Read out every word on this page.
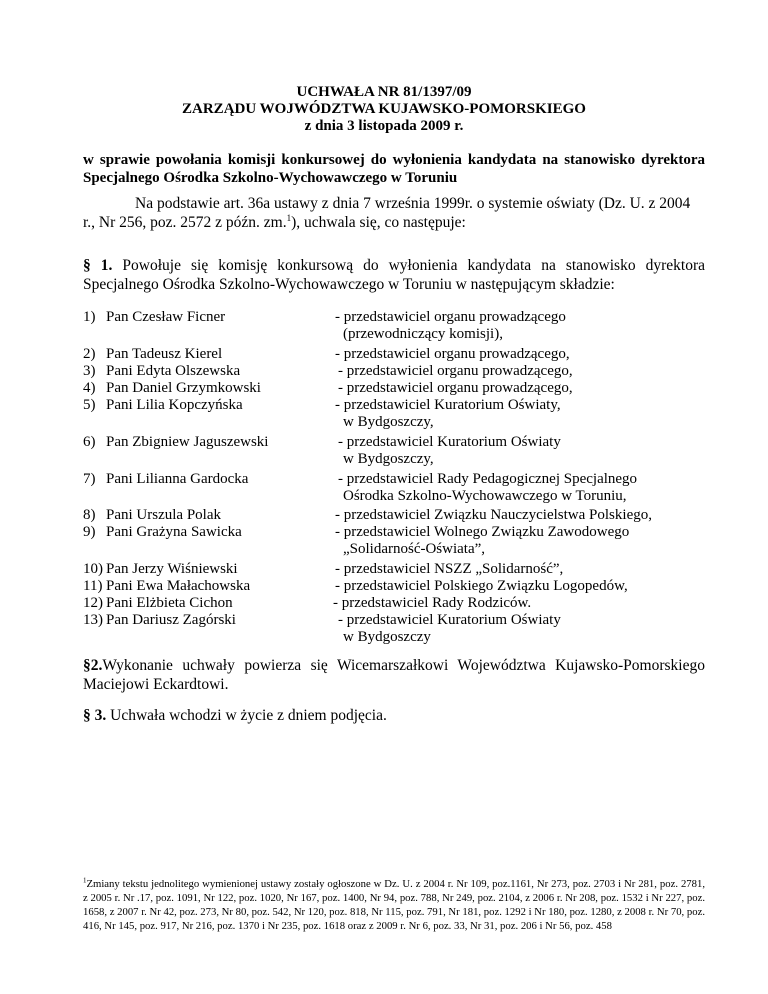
UCHWAŁA NR 81/1397/09
ZARZĄDU WOJWÓDZTWA KUJAWSKO-POMORSKIEGO
z dnia 3 listopada 2009 r.
w sprawie powołania komisji konkursowej do wyłonienia kandydata na stanowisko dyrektora Specjalnego Ośrodka Szkolno-Wychowawczego w Toruniu
Na podstawie art. 36a ustawy z dnia 7 września 1999r. o systemie oświaty (Dz. U. z 2004 r., Nr 256, poz. 2572 z późn. zm.$^1$), uchwala się, co następuje:
§ 1. Powołuje się komisję konkursową do wyłonienia kandydata na stanowisko dyrektora Specjalnego Ośrodka Szkolno-Wychowawczego w Toruniu w następującym składzie:
1) Pan Czesław Ficner	- przedstawiciel organu prowadzącego
(przewodniczący komisji),
2) Pan Tadeusz Kierel	- przedstawiciel organu prowadzącego,
3) Pani Edyta Olszewska	- przedstawiciel organu prowadzącego,
4) Pan Daniel Grzymkowski	- przedstawiciel organu prowadzącego,
5) Pani Lilia Kopczyńska	- przedstawiciel Kuratorium Oświaty,
w Bydgoszczy,
6) Pan Zbigniew Jaguszewski	- przedstawiciel Kuratorium Oświaty
w Bydgoszczy,
7) Pani Lilianna Gardocka	- przedstawiciel Rady Pedagogicznej Specjalnego
Ośrodka Szkolno-Wychowawczego w Toruniu,
8) Pani Urszula Polak	- przedstawiciel Związku Nauczycielstwa Polskiego,
9) Pani Grażyna Sawicka	- przedstawiciel Wolnego Związku Zawodowego
„Solidarność-Oświata”,
10) Pan Jerzy Wiśniewski	- przedstawiciel NSZZ „Solidarność”,
11) Pani Ewa Małachowska	- przedstawiciel Polskiego Związku Logopedów,
12) Pani Elżbieta Cichon	- przedstawiciel Rady Rodziców.
13) Pan Dariusz Zagórski	- przedstawiciel Kuratorium Oświaty
w Bydgoszczy
§2.Wykonanie uchwały powierza się Wicemarszałkowi Województwa Kujawsko-Pomorskiego Maciejowi Eckardtowi.
§ 3. Uchwała wchodzi w życie z dniem podjęcia.
$^1$Zmiany tekstu jednolitego wymienionej ustawy zostały ogłoszone w Dz. U. z 2004 r. Nr 109, poz.1161, Nr 273, poz. 2703 i Nr 281, poz. 2781, z 2005 r. Nr .17, poz. 1091, Nr 122, poz. 1020, Nr 167, poz. 1400, Nr 94, poz. 788, Nr 249, poz. 2104, z 2006 r. Nr 208, poz. 1532 i Nr 227, poz. 1658, z 2007 r. Nr 42, poz. 273, Nr 80, poz. 542, Nr 120, poz. 818, Nr 115, poz. 791, Nr 181, poz. 1292 i Nr 180, poz. 1280, z 2008 r. Nr 70, poz. 416, Nr 145, poz. 917, Nr 216, poz. 1370 i Nr 235, poz. 1618 oraz z 2009 r. Nr 6, poz. 33, Nr 31, poz. 206 i Nr 56, poz. 458
